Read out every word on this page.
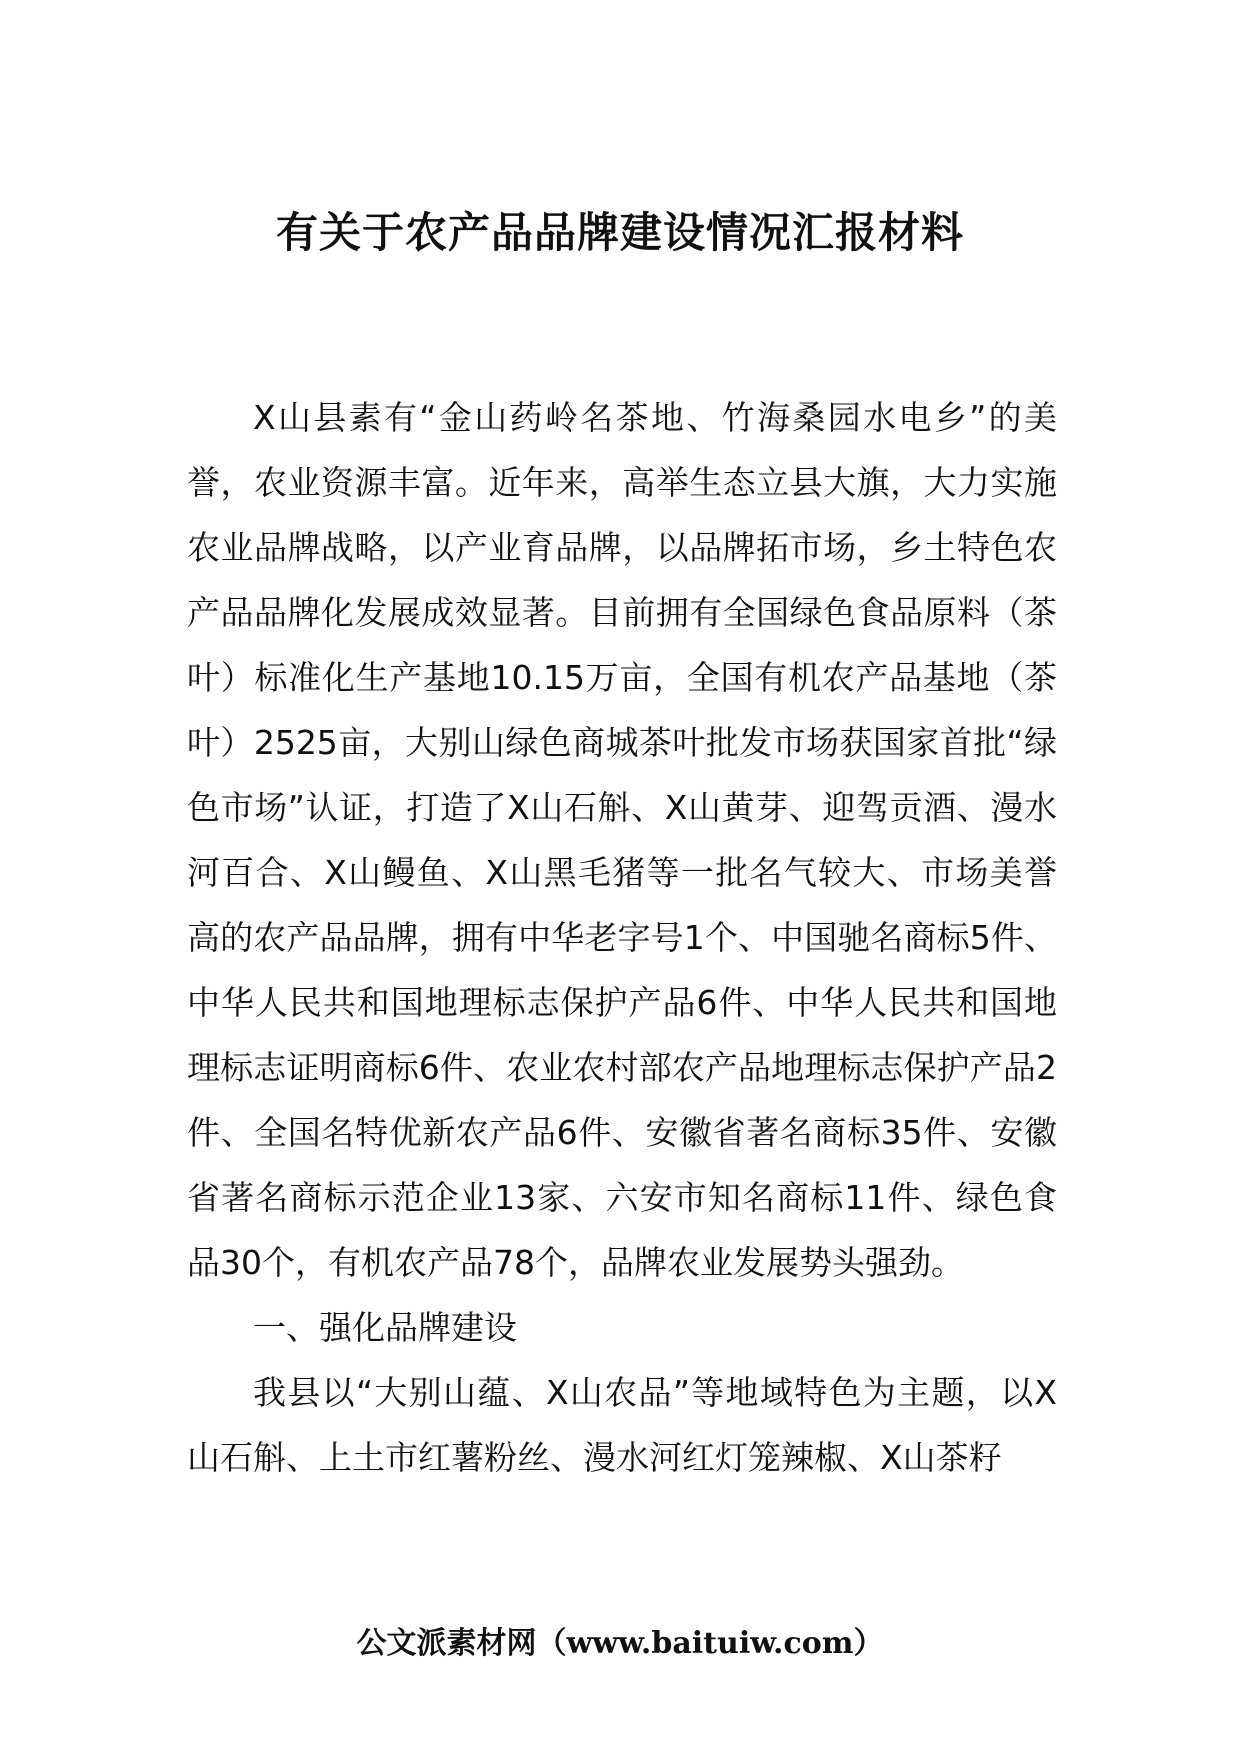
有关于农产品品牌建设情况汇报材料

X山县素有“金山药岭名茶地、竹海桑园水电乡”的美誉，农业资源丰富。近年来，高举生态立县大旗，大力实施农业品牌战略，以产业育品牌，以品牌拓市场，乡土特色农产品品牌化发展成效显著。目前拥有全国绿色食品原料（茶叶）标准化生产基地10.15万亩，全国有机农产品基地（茶叶）2525亩，大别山绿色商城茶叶批发市场获国家首批“绿色市场”认证，打造了X山石斛、X山黄芽、迎驾贡酒、漫水河百合、X山鳗鱼、X山黑毛猪等一批名气较大、市场美誉高的农产品品牌，拥有中华老字号1个、中国驰名商标5件、中华人民共和国地理标志保护产品6件、中华人民共和国地理标志证明商标6件、农业农村部农产品地理标志保护产品2件、全国名特优新农产品6件、安徽省著名商标35件、安徽省著名商标示范企业13家、六安市知名商标11件、绿色食品30个，有机农产品78个，品牌农业发展势头强劲。

一、强化品牌建设

我县以“大别山蕴、X山农品”等地域特色为主题，以X山石斛、上土市红薯粉丝、漫水河红灯笼辣椒、X山茶籽

公文派素材网（www.baituiw.com）
